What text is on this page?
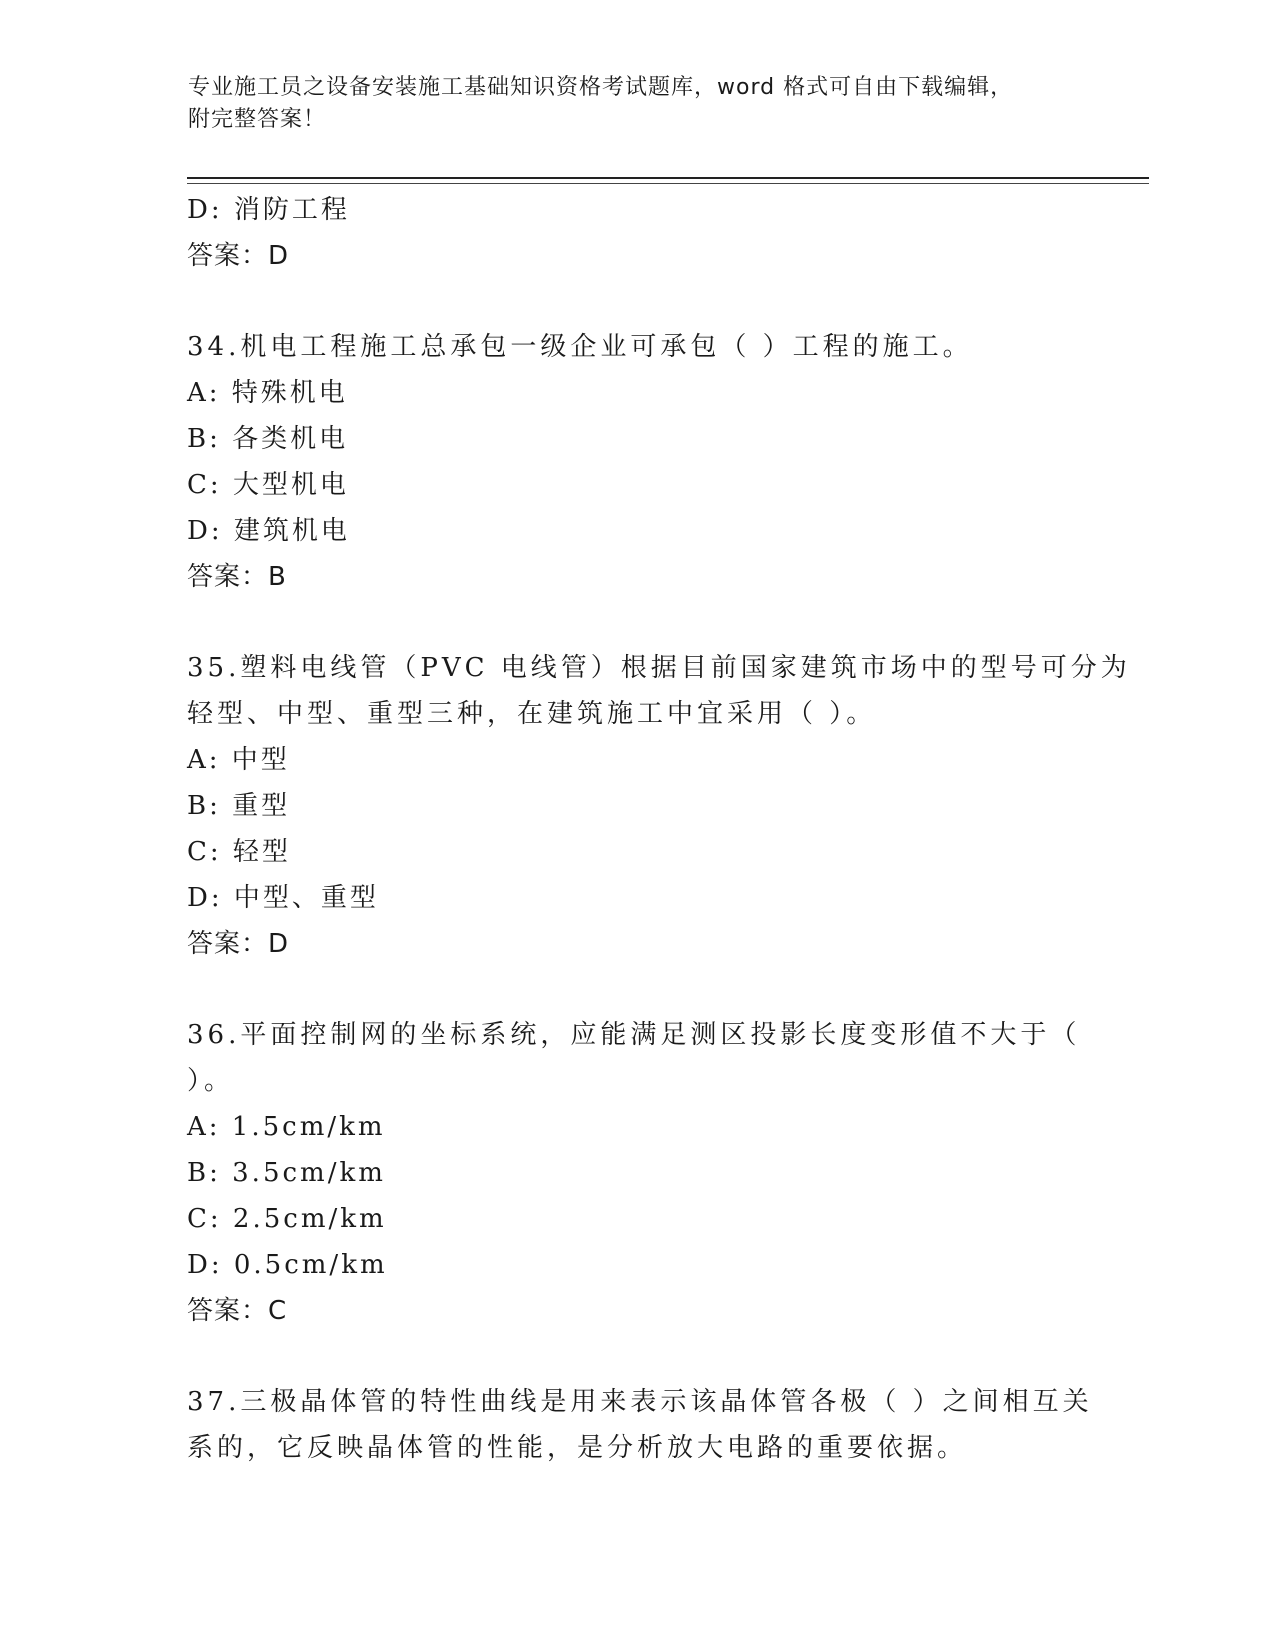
专业施工员之设备安装施工基础知识资格考试题库，word 格式可自由下载编辑，
附完整答案！
D: 消防工程
答案：D
34.机电工程施工总承包一级企业可承包（ ）工程的施工。
A: 特殊机电
B: 各类机电
C: 大型机电
D: 建筑机电
答案：B
35.塑料电线管（PVC 电线管）根据目前国家建筑市场中的型号可分为
轻型、中型、重型三种，在建筑施工中宜采用（ ）。
A: 中型
B: 重型
C: 轻型
D: 中型、重型
答案：D
36.平面控制网的坐标系统，应能满足测区投影长度变形值不大于（
）。
A: 1.5cm/km
B: 3.5cm/km
C: 2.5cm/km
D: 0.5cm/km
答案：C
37.三极晶体管的特性曲线是用来表示该晶体管各极（ ）之间相互关
系的，它反映晶体管的性能，是分析放大电路的重要依据。
